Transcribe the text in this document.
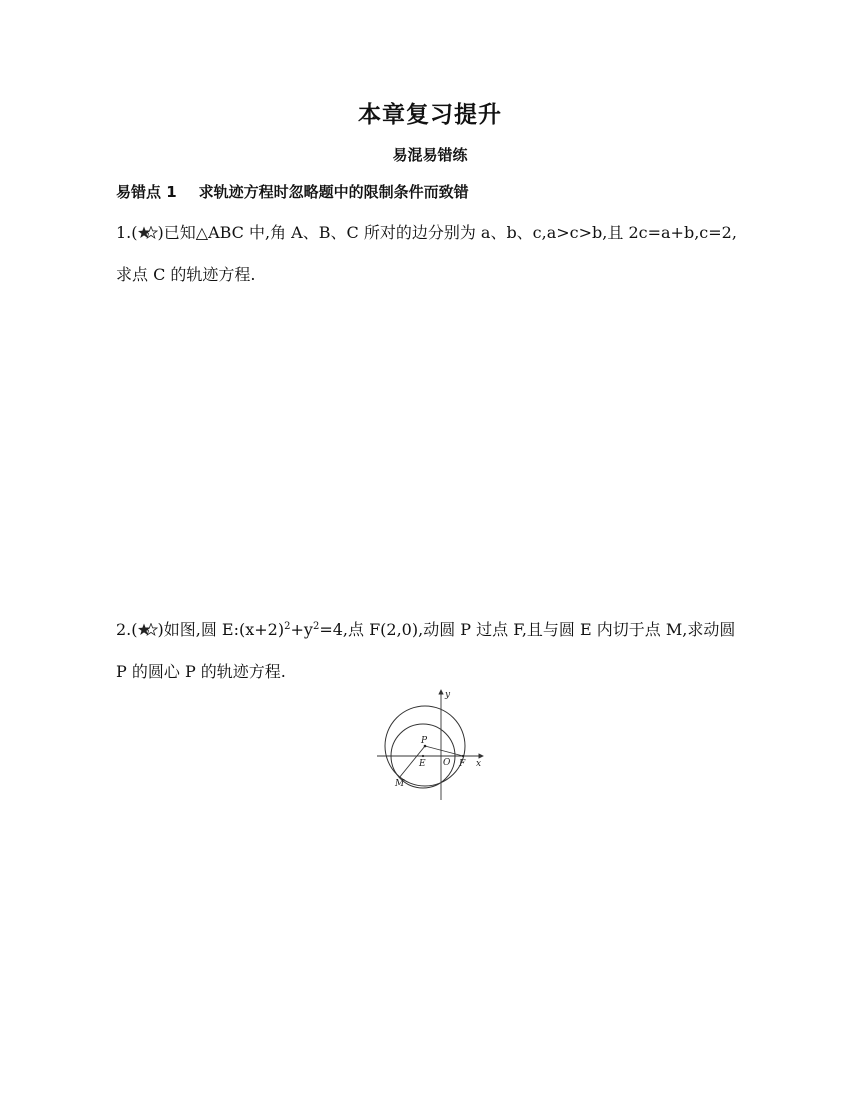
本章复习提升
易混易错练
易错点 1 求轨迹方程时忽略题中的限制条件而致错
1.( )已知△ABC 中,角 A、B、C 所对的边分别为 a、b、c,a>c>b,且 2c=a+b,c=2,
求点 C 的轨迹方程.
2.( )如图,圆 $E:(x+2)^2+y^2=4$,点 F(2,0),动圆 P 过点 F,且与圆 E 内切于点 M,求动圆
P 的圆心 P 的轨迹方程.
y
x
P
E O F
M
